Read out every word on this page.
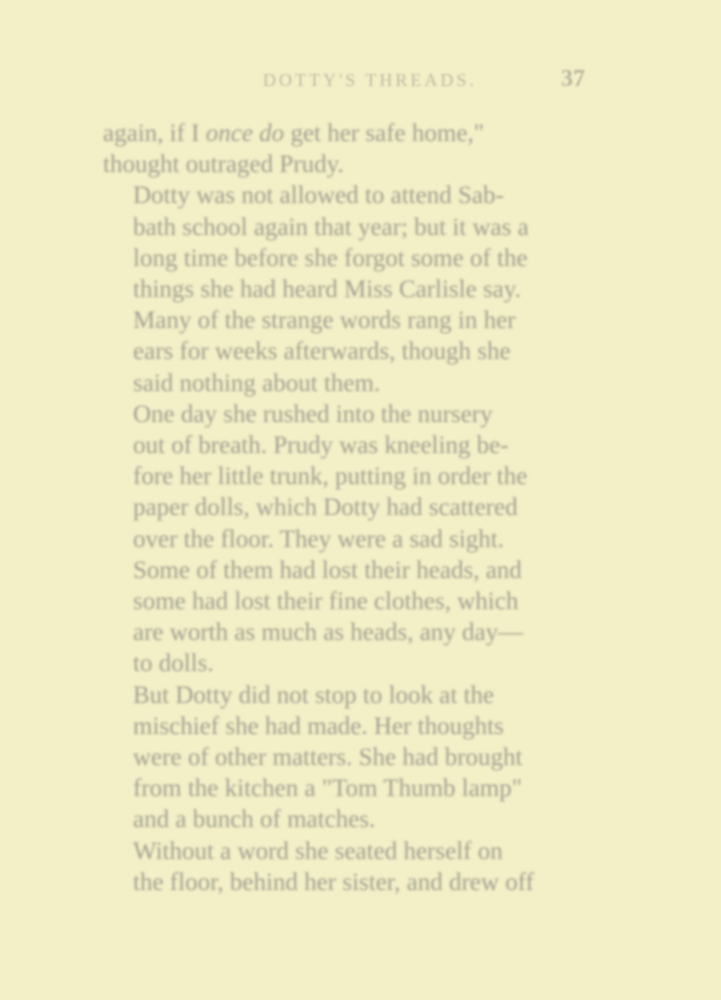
DOTTY'S THREADS.	37

again, if I once do get her safe home,"
thought outraged Prudy.

Dotty was not allowed to attend Sab-
bath school again that year; but it was a
long time before she forgot some of the
things she had heard Miss Carlisle say.
Many of the strange words rang in her
ears for weeks afterwards, though she
said nothing about them.

One day she rushed into the nursery
out of breath. Prudy was kneeling be-
fore her little trunk, putting in order the
paper dolls, which Dotty had scattered
over the floor. They were a sad sight.
Some of them had lost their heads, and
some had lost their fine clothes, which
are worth as much as heads, any day—
to dolls.

But Dotty did not stop to look at the
mischief she had made. Her thoughts
were of other matters. She had brought
from the kitchen a "Tom Thumb lamp"
and a bunch of matches.

Without a word she seated herself on
the floor, behind her sister, and drew off
